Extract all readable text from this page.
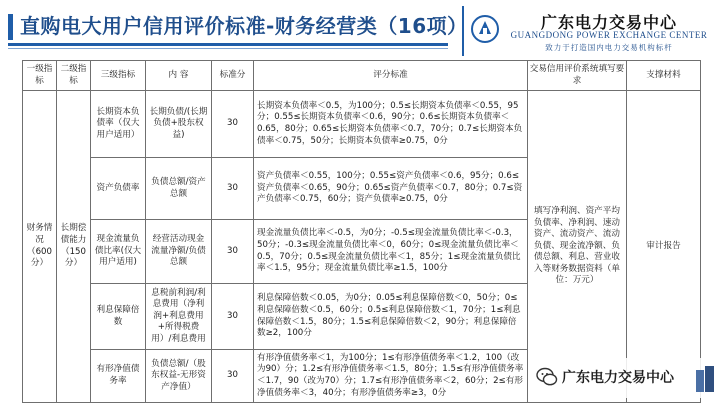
直购电大用户信用评价标准-财务经营类（16项）	广东电力交易中心
GUANGDONG POWER EXCHANGE CENTER
致力于打造国内电力交易机构标杆
一级指标	二级指标	三级指标	内 容	标准分	评分标准	交易信用评价系统填写要求	支撑材料
财务情况（600分）	长期偿债能力（150分）	长期资本负债率（仅大用户适用）	长期负债/(长期负债+股东权益)	30	长期资本负债率＜0.5，为100分；0.5≤长期资本负债率＜0.55，95分；0.55≤长期资本负债率＜0.6，90分；0.6≤长期资本负债率＜0.65，80分；0.65≤长期资本负债率＜0.7，70分；0.7≤长期资本负债率＜0.75，50分；长期资本负债率≥0.75，0分	填写净利润、资产平均负债率、净利润、速动资产、流动资产、流动负债、现金流净额、负债总额、利息、营业收入等财务数据资料（单位：万元）	审计报告
		资产负债率	负债总额/资产总额	30	资产负债率＜0.55，100分；0.55≤资产负债率＜0.6，95分；0.6≤资产负债率＜0.65，90分；0.65≤资产负债率＜0.7，80分；0.7≤资产负债率＜0.75，60分；资产负债率≥0.75，0分		
		现金流量负债比率(仅大用户适用)	经营活动现金流量净额/负债总额	30	现金流量负债比率＜-0.5，为0分；-0.5≤现金流量负债比率＜-0.3，50分；-0.3≤现金流量负债比率＜0，60分；0≤现金流量负债比率＜0.5，70分；0.5≤现金流量负债比率＜1，85分；1≤现金流量负债比率＜1.5，95分；现金流量负债比率≥1.5，100分		
		利息保障倍数	息税前利润/利息费用（净利润+利息费用+所得税费用）/利息费用	30	利息保障倍数＜0.05，为0分；0.05≤利息保障倍数＜0，50分；0≤利息保障倍数＜0.5，60分；0.5≤利息保障倍数＜1，70分；1≤利息保障倍数＜1.5，80分；1.5≤利息保障倍数＜2，90分；利息保障倍数≥2，100分		
		有形净值债务率	负债总额/（股东权益-无形资产净值）	30	有形净值债务率＜1，为100分；1≤有形净值债务率＜1.2，100（改为90）分；1.2≤有形净值债务率＜1.5，80分；1.5≤有形净值债务率＜1.7，90（改为70）分；1.7≤有形净值债务率＜2，60分；2≤有形净值债务率＜3，40分；有形净值债务率≥3，0分		
广东电力交易中心
